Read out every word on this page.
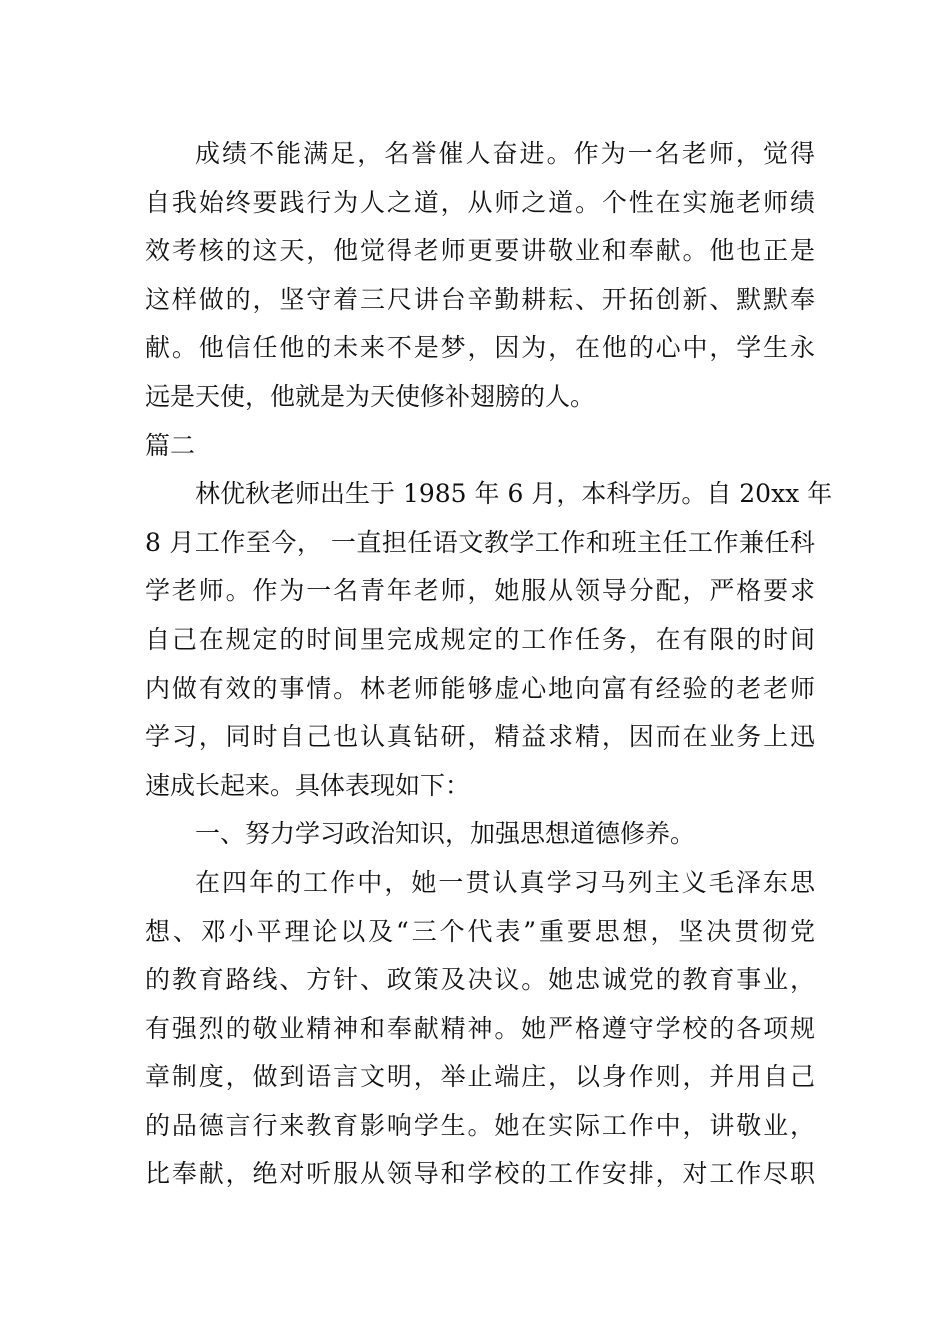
成绩不能满足，名誉催人奋进。作为一名老师，觉得
自我始终要践行为人之道，从师之道。个性在实施老师绩
效考核的这天，他觉得老师更要讲敬业和奉献。他也正是
这样做的，坚守着三尺讲台辛勤耕耘、开拓创新、默默奉
献。他信任他的未来不是梦，因为，在他的心中，学生永
远是天使，他就是为天使修补翅膀的人。

篇二

林优秋老师出生于 1985 年 6 月，本科学历。自 20xx 年
8 月工作至今， 一直担任语文教学工作和班主任工作兼任科
学老师。作为一名青年老师，她服从领导分配，严格要求
自己在规定的时间里完成规定的工作任务，在有限的时间
内做有效的事情。林老师能够虚心地向富有经验的老老师
学习，同时自己也认真钻研，精益求精，因而在业务上迅
速成长起来。具体表现如下：

一、努力学习政治知识，加强思想道德修养。

在四年的工作中，她一贯认真学习马列主义毛泽东思
想、邓小平理论以及“三个代表”重要思想，坚决贯彻党
的教育路线、方针、政策及决议。她忠诚党的教育事业，
有强烈的敬业精神和奉献精神。她严格遵守学校的各项规
章制度，做到语言文明，举止端庄，以身作则，并用自己
的品德言行来教育影响学生。她在实际工作中，讲敬业，
比奉献，绝对听服从领导和学校的工作安排，对工作尽职
